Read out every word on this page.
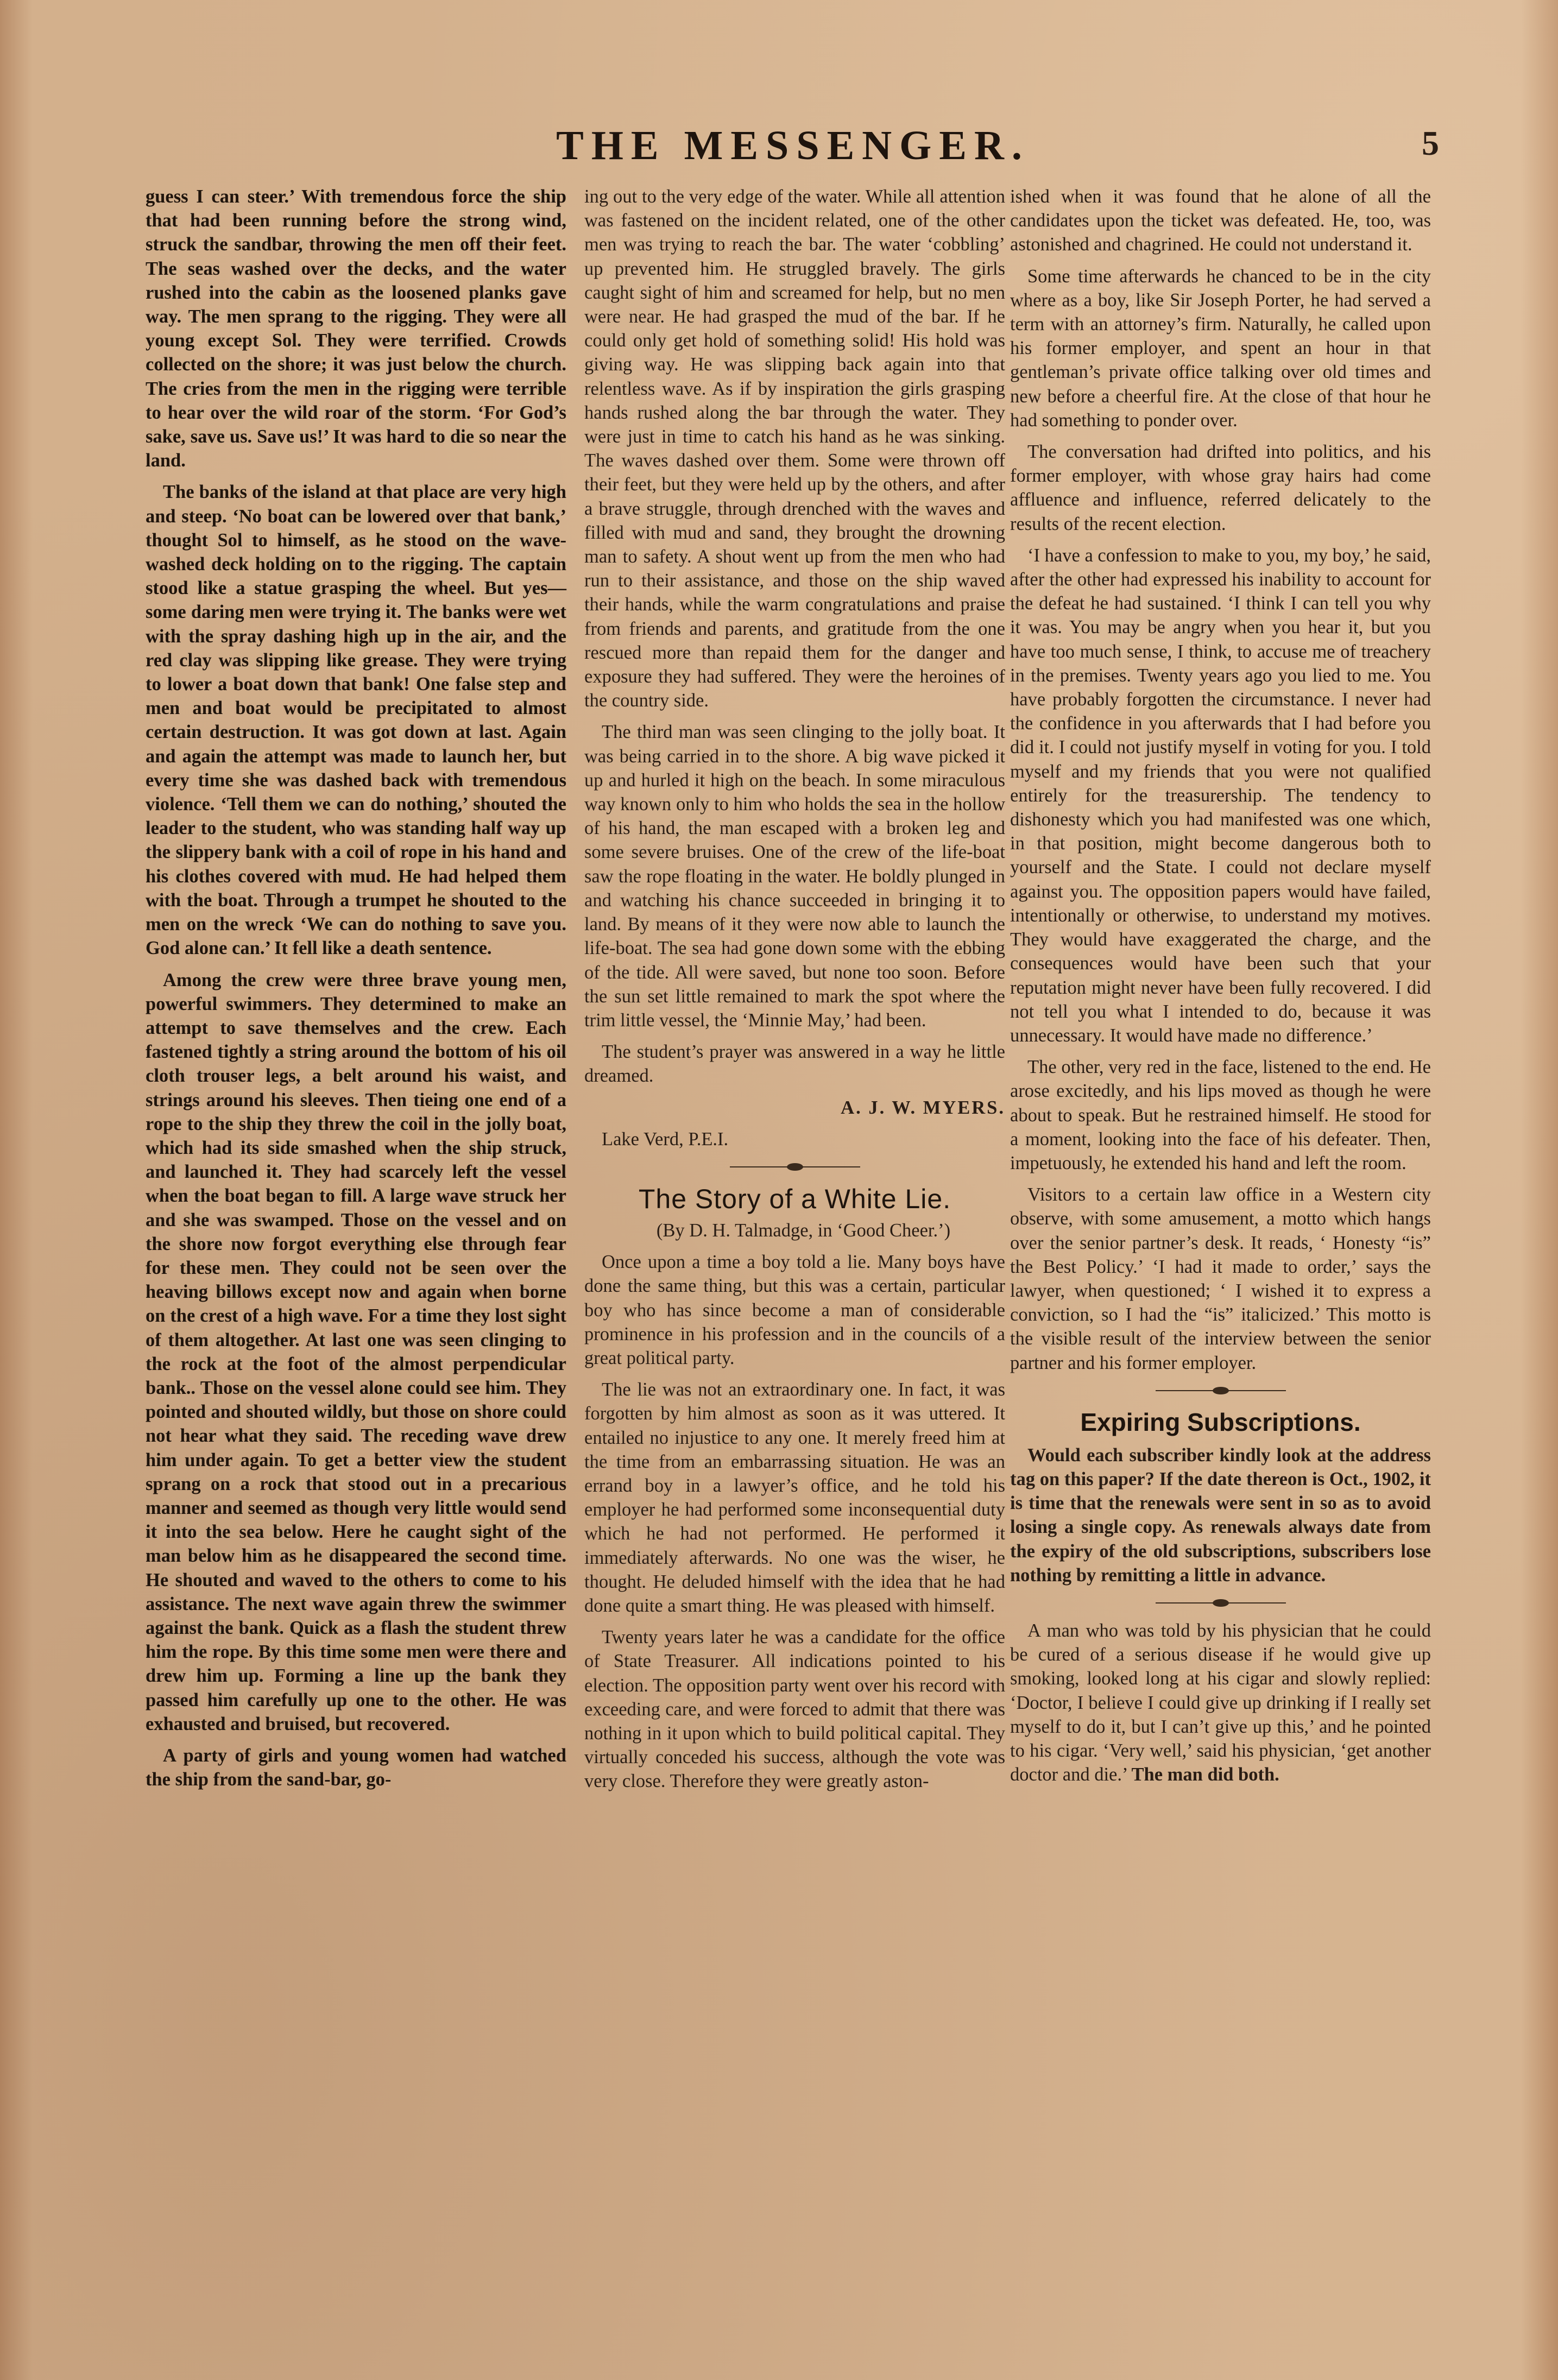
THE MESSENGER.	5

guess I can steer.’ With tremendous force the ship that had been running before the strong wind, struck the sandbar, throwing the men off their feet. The seas washed over the decks, and the water rushed into the cabin as the loosened planks gave way. The men sprang to the rigging. They were all young except Sol. They were terrified. Crowds collected on the shore; it was just below the church. The cries from the men in the rigging were terrible to hear over the wild roar of the storm. ‘For God’s sake, save us. Save us!’ It was hard to die so near the land.

The banks of the island at that place are very high and steep. ‘No boat can be lowered over that bank,’ thought Sol to himself, as he stood on the wave-washed deck holding on to the rigging. The captain stood like a statue grasping the wheel. But yes—some daring men were trying it. The banks were wet with the spray dashing high up in the air, and the red clay was slipping like grease. They were trying to lower a boat down that bank! One false step and men and boat would be precipitated to almost certain destruction. It was got down at last. Again and again the attempt was made to launch her, but every time she was dashed back with tremendous violence. ‘Tell them we can do nothing,’ shouted the leader to the student, who was standing half way up the slippery bank with a coil of rope in his hand and his clothes covered with mud. He had helped them with the boat. Through a trumpet he shouted to the men on the wreck ‘We can do nothing to save you. God alone can.’ It fell like a death sentence.

Among the crew were three brave young men, powerful swimmers. They determined to make an attempt to save themselves and the crew. Each fastened tightly a string around the bottom of his oil cloth trouser legs, a belt around his waist, and strings around his sleeves. Then tieing one end of a rope to the ship they threw the coil in the jolly boat, which had its side smashed when the ship struck, and launched it. They had scarcely left the vessel when the boat began to fill. A large wave struck her and she was swamped. Those on the vessel and on the shore now forgot everything else through fear for these men. They could not be seen over the heaving billows except now and again when borne on the crest of a high wave. For a time they lost sight of them altogether. At last one was seen clinging to the rock at the foot of the almost perpendicular bank.. Those on the vessel alone could see him. They pointed and shouted wildly, but those on shore could not hear what they said. The receding wave drew him under again. To get a better view the student sprang on a rock that stood out in a precarious manner and seemed as though very little would send it into the sea below. Here he caught sight of the man below him as he disappeared the second time. He shouted and waved to the others to come to his assistance. The next wave again threw the swimmer against the bank. Quick as a flash the student threw him the rope. By this time some men were there and drew him up. Forming a line up the bank they passed him carefully up one to the other. He was exhausted and bruised, but recovered.

A party of girls and young women had watched the ship from the sand-bar, go-

ing out to the very edge of the water. While all attention was fastened on the incident related, one of the other men was trying to reach the bar. The water ‘cobbling’ up prevented him. He struggled bravely. The girls caught sight of him and screamed for help, but no men were near. He had grasped the mud of the bar. If he could only get hold of something solid! His hold was giving way. He was slipping back again into that relentless wave. As if by inspiration the girls grasping hands rushed along the bar through the water. They were just in time to catch his hand as he was sinking. The waves dashed over them. Some were thrown off their feet, but they were held up by the others, and after a brave struggle, through drenched with the waves and filled with mud and sand, they brought the drowning man to safety. A shout went up from the men who had run to their assistance, and those on the ship waved their hands, while the warm congratulations and praise from friends and parents, and gratitude from the one rescued more than repaid them for the danger and exposure they had suffered. They were the heroines of the country side.

The third man was seen clinging to the jolly boat. It was being carried in to the shore. A big wave picked it up and hurled it high on the beach. In some miraculous way known only to him who holds the sea in the hollow of his hand, the man escaped with a broken leg and some severe bruises. One of the crew of the life-boat saw the rope floating in the water. He boldly plunged in and watching his chance succeeded in bringing it to land. By means of it they were now able to launch the life-boat. The sea had gone down some with the ebbing of the tide. All were saved, but none too soon. Before the sun set little remained to mark the spot where the trim little vessel, the ‘Minnie May,’ had been.

The student’s prayer was answered in a way he little dreamed.

A. J. W. MYERS.

Lake Verd, P.E.I.

The Story of a White Lie.

(By D. H. Talmadge, in ‘Good Cheer.’)

Once upon a time a boy told a lie. Many boys have done the same thing, but this was a certain, particular boy who has since become a man of considerable prominence in his profession and in the councils of a great political party.

The lie was not an extraordinary one. In fact, it was forgotten by him almost as soon as it was uttered. It entailed no injustice to any one. It merely freed him at the time from an embarrassing situation. He was an errand boy in a lawyer’s office, and he told his employer he had performed some inconsequential duty which he had not performed. He performed it immediately afterwards. No one was the wiser, he thought. He deluded himself with the idea that he had done quite a smart thing. He was pleased with himself.

Twenty years later he was a candidate for the office of State Treasurer. All indications pointed to his election. The opposition party went over his record with exceeding care, and were forced to admit that there was nothing in it upon which to build political capital. They virtually conceded his success, although the vote was very close. Therefore they were greatly aston-

ished when it was found that he alone of all the candidates upon the ticket was defeated. He, too, was astonished and chagrined. He could not understand it.

Some time afterwards he chanced to be in the city where as a boy, like Sir Joseph Porter, he had served a term with an attorney’s firm. Naturally, he called upon his former employer, and spent an hour in that gentleman’s private office talking over old times and new before a cheerful fire. At the close of that hour he had something to ponder over.

The conversation had drifted into politics, and his former employer, with whose gray hairs had come affluence and influence, referred delicately to the results of the recent election.

‘I have a confession to make to you, my boy,’ he said, after the other had expressed his inability to account for the defeat he had sustained. ‘I think I can tell you why it was. You may be angry when you hear it, but you have too much sense, I think, to accuse me of treachery in the premises. Twenty years ago you lied to me. You have probably forgotten the circumstance. I never had the confidence in you afterwards that I had before you did it. I could not justify myself in voting for you. I told myself and my friends that you were not qualified entirely for the treasurership. The tendency to dishonesty which you had manifested was one which, in that position, might become dangerous both to yourself and the State. I could not declare myself against you. The opposition papers would have failed, intentionally or otherwise, to understand my motives. They would have exaggerated the charge, and the consequences would have been such that your reputation might never have been fully recovered. I did not tell you what I intended to do, because it was unnecessary. It would have made no difference.’

The other, very red in the face, listened to the end. He arose excitedly, and his lips moved as though he were about to speak. But he restrained himself. He stood for a moment, looking into the face of his defeater. Then, impetuously, he extended his hand and left the room.

Visitors to a certain law office in a Western city observe, with some amusement, a motto which hangs over the senior partner’s desk. It reads, ‘ Honesty “is” the Best Policy.’ ‘I had it made to order,’ says the lawyer, when questioned; ‘ I wished it to express a conviction, so I had the “is” italicized.’ This motto is the visible result of the interview between the senior partner and his former employer.

Expiring Subscriptions.

Would each subscriber kindly look at the address tag on this paper? If the date thereon is Oct., 1902, it is time that the renewals were sent in so as to avoid losing a single copy. As renewals always date from the expiry of the old subscriptions, subscribers lose nothing by remitting a little in advance.

A man who was told by his physician that he could be cured of a serious disease if he would give up smoking, looked long at his cigar and slowly replied: ‘Doctor, I believe I could give up drinking if I really set myself to do it, but I can’t give up this,’ and he pointed to his cigar. ‘Very well,’ said his physician, ‘get another doctor and die.’ The man did both.
